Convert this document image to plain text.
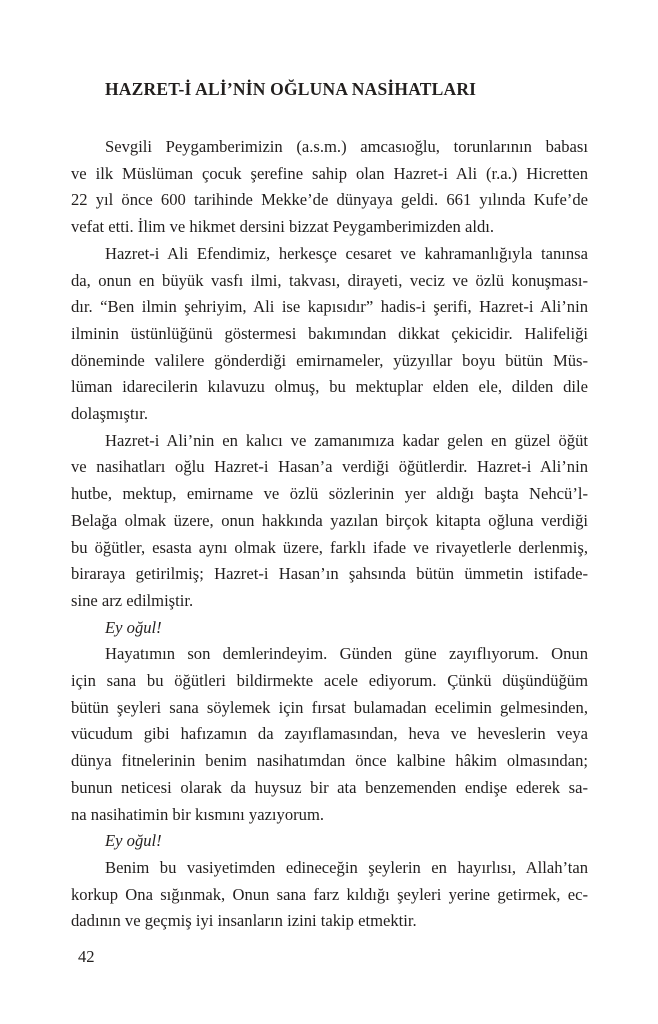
HAZRET-İ ALİ’NİN OĞLUNA NASİHATLARI
Sevgili Peygamberimizin (a.s.m.) amcasıoğlu, torunlarının babası
ve ilk Müslüman çocuk şerefine sahip olan Hazret-i Ali (r.a.) Hicretten
22 yıl önce 600 tarihinde Mekke’de dünyaya geldi. 661 yılında Kufe’de
vefat etti. İlim ve hikmet dersini bizzat Peygamberimizden aldı.
Hazret-i Ali Efendimiz, herkesçe cesaret ve kahramanlığıyla tanınsa
da, onun en büyük vasfı ilmi, takvası, dirayeti, veciz ve özlü konuşması-
dır. “Ben ilmin şehriyim, Ali ise kapısıdır” hadis-i şerifi, Hazret-i Ali’nin
ilminin üstünlüğünü göstermesi bakımından dikkat çekicidir. Halifeliği
döneminde valilere gönderdiği emirnameler, yüzyıllar boyu bütün Müs-
lüman idarecilerin kılavuzu olmuş, bu mektuplar elden ele, dilden dile
dolaşmıştır.
Hazret-i Ali’nin en kalıcı ve zamanımıza kadar gelen en güzel öğüt
ve nasihatları oğlu Hazret-i Hasan’a verdiği öğütlerdir. Hazret-i Ali’nin
hutbe, mektup, emirname ve özlü sözlerinin yer aldığı başta Nehcü’l-
Belağa olmak üzere, onun hakkında yazılan birçok kitapta oğluna verdiği
bu öğütler, esasta aynı olmak üzere, farklı ifade ve rivayetlerle derlenmiş,
biraraya getirilmiş; Hazret-i Hasan’ın şahsında bütün ümmetin istifade-
sine arz edilmiştir.
Ey oğul!
Hayatımın son demlerindeyim. Günden güne zayıflıyorum. Onun
için sana bu öğütleri bildirmekte acele ediyorum. Çünkü düşündüğüm
bütün şeyleri sana söylemek için fırsat bulamadan ecelimin gelmesinden,
vücudum gibi hafızamın da zayıflamasından, heva ve heveslerin veya
dünya fitnelerinin benim nasihatımdan önce kalbine hâkim olmasından;
bunun neticesi olarak da huysuz bir ata benzemenden endişe ederek sa-
na nasihatimin bir kısmını yazıyorum.
Ey oğul!
Benim bu vasiyetimden edineceğin şeylerin en hayırlısı, Allah’tan
korkup Ona sığınmak, Onun sana farz kıldığı şeyleri yerine getirmek, ec-
dadının ve geçmiş iyi insanların izini takip etmektir.
42
